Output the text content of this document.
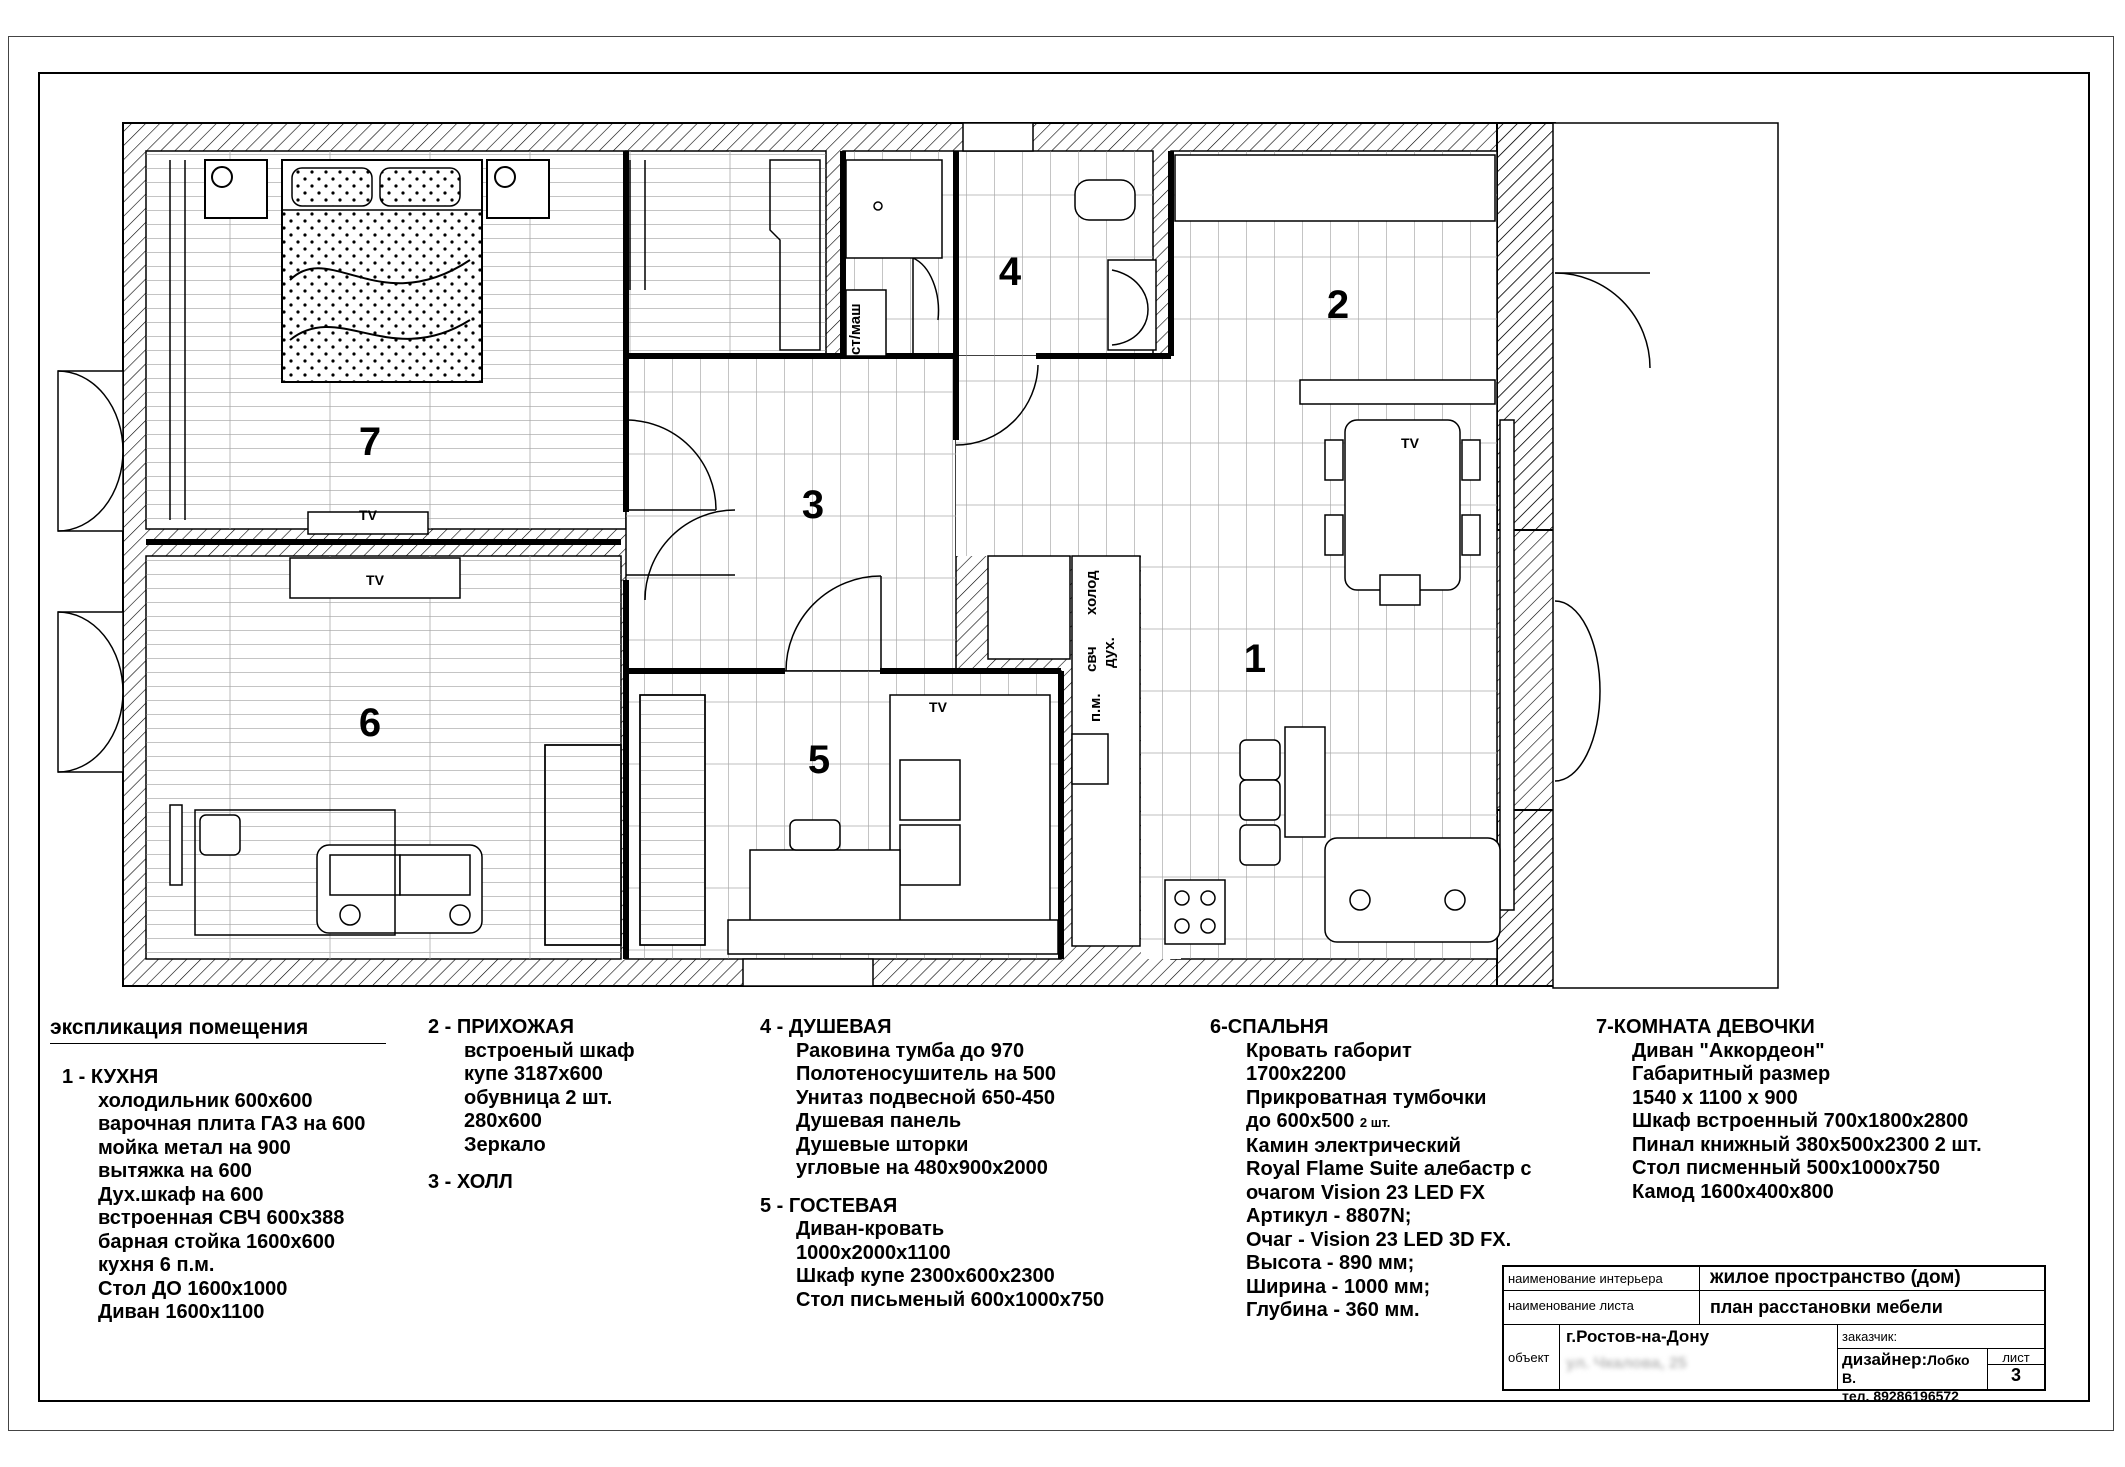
1
2
3
4
5
6
7
TV
TV
TV
TV
ст/маш
холод
свч дух.
п.м.
экспликация помещения
1 - КУХНЯ
холодильник 600x600
варочная плита ГАЗ на 600
мойка метал на 900
вытяжка на 600
Дух.шкаф на 600
встроенная СВЧ 600x388
барная стойка 1600x600
кухня 6 п.м.
Стол ДО 1600x1000
Диван 1600x1100
2 - ПРИХОЖАЯ
встроеный шкаф
купе 3187x600
обувница 2 шт.
280x600
Зеркало
3 - ХОЛЛ
4 - ДУШЕВАЯ
Раковина тумба до 970
Полотеносушитель на 500
Унитаз подвесной 650-450
Душевая панель
Душевые шторки
угловые на 480x900x2000
5 - ГОСТЕВАЯ
Диван-кровать
1000x2000x1100
Шкаф купе 2300x600x2300
Стол письменый 600x1000x750
6-СПАЛЬНЯ
Кровать габорит
1700x2200
Прикроватная тумбочки
до 600x500 2 шт.
Камин электрический
Royal Flame Suite алебастр с
очагом Vision 23 LED FX
Артикул - 8807N;
Очаг - Vision 23 LED 3D FX.
Высота - 890 мм;
Ширина - 1000 мм;
Глубина - 360 мм.
7-КОМНАТА ДЕВОЧКИ
Диван "Аккордеон"
Габаритный размер
1540 x 1100 x 900
Шкаф встроенный 700x1800x2800
Пинал книжный 380x500x2300 2 шт.
Стол писменный 500x1000x750
Камод 1600x400x800
наименование интерьера	жилое пространство (дом)
наименование листа	план расстановки мебели
объект
г.Ростов-на-Дону
ул. Чкалова, 25
заказчик:
дизайнер:Лобко В.
тел. 89286196572
лист
3
